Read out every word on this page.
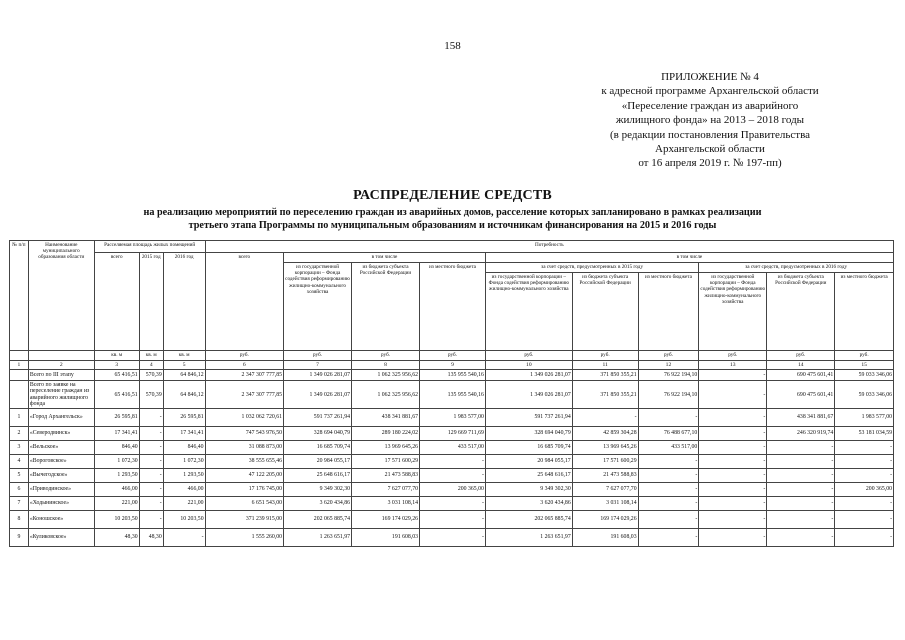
158
ПРИЛОЖЕНИЕ № 4
к адресной программе Архангельской области
«Переселение граждан из аварийного
жилищного фонда» на 2013 – 2018 годы
(в редакции постановления Правительства
Архангельской области
от 16 апреля 2019 г. № 197-пп)
РАСПРЕДЕЛЕНИЕ СРЕДСТВ
на реализацию мероприятий по переселению граждан из аварийных домов, расселение которых запланировано в рамках реализации
третьего этапа Программы по муниципальным образованиям и источникам финансирования на 2015 и 2016 годы
№ п/п	Наименование муниципального образования области	Расселяемая площадь жилых помещений			Потребность									
		всего	2015 год	2016 год	всего	в том числе			в том числе					
						из государственной корпорации – Фонда содействия реформированию жилищно-коммунального хозяйства	из бюджета субъекта Российской Федерации	из местного бюджета	за счет средств, предусмотренных в 2015 году			за счет средств, предусмотренных в 2016 году		
									из государственной корпорации – Фонда содействия реформированию жилищно-коммунального хозяйства	из бюджета субъекта Российской Федерации	из местного бюджета	из государственной корпорации – Фонда содействия реформированию жилищно-коммунального хозяйства	из бюджета субъекта Российской Федерации	из местного бюджета
		кв. м	кв. м	кв. м	руб.	руб.	руб.	руб.	руб.	руб.	руб.	руб.	руб.	руб.
1	2	3	4	5	6	7	8	9	10	11	12	13	14	15
	Всего по III этапу	65 416,51	570,39	64 846,12	2 347 307 777,85	1 349 026 281,07	1 062 325 956,62	135 955 540,16	1 349 026 281,07	371 850 355,21	76 922 194,10	-	690 475 601,41	59 033 346,06
	Всего по заявке на переселение граждан из аварийного жилищного фонда	65 416,51	570,39	64 846,12	2 347 307 777,85	1 349 026 281,07	1 062 325 956,62	135 955 540,16	1 349 026 281,07	371 850 355,21	76 922 194,10	-	690 475 601,41	59 033 346,06
1	«Город Архангельск»	26 595,81	-	26 595,81	1 032 062 720,61	591 737 261,94	438 341 881,67	1 983 577,00	591 737 261,94	-	-	-	438 341 881,67	1 983 577,00
2	«Северодвинск»	17 341,41	-	17 341,41	747 543 976,50	328 694 040,79	289 180 224,02	129 669 711,69	328 694 040,79	42 859 304,28	76 488 677,10	-	246 320 919,74	53 181 034,59
3	«Вельское»	846,40	-	846,40	31 088 873,00	16 685 709,74	13 969 645,26	433 517,00	16 685 709,74	13 969 645,26	433 517,00	-	-	-
4	«Вороговское»	1 072,30	-	1 072,30	38 555 655,46	20 984 055,17	17 571 600,29	-	20 984 055,17	17 571 600,29	-	-	-	-
5	«Вычегодское»	1 293,50	-	1 293,50	47 122 205,00	25 648 616,17	21 473 588,83	-	25 648 616,17	21 473 588,83	-	-	-	-
6	«Приводинское»	466,00	-	466,00	17 176 745,00	9 349 302,30	7 627 077,70	200 365,00	9 349 302,30	7 627 077,70	-	-	-	200 365,00
7	«Ходынинское»	221,00	-	221,00	6 651 543,00	3 620 434,86	3 031 108,14	-	3 620 434,86	3 031 108,14	-	-	-	-
8	«Коношское»	10 203,50	-	10 203,50	371 239 915,00	202 065 885,74	169 174 029,26	-	202 065 885,74	169 174 029,26	-	-	-	-
9	«Куликовское»	48,30	48,30	-	1 555 260,00	1 263 651,97	191 608,03	-	1 263 651,97	191 608,03	-	-	-	-
